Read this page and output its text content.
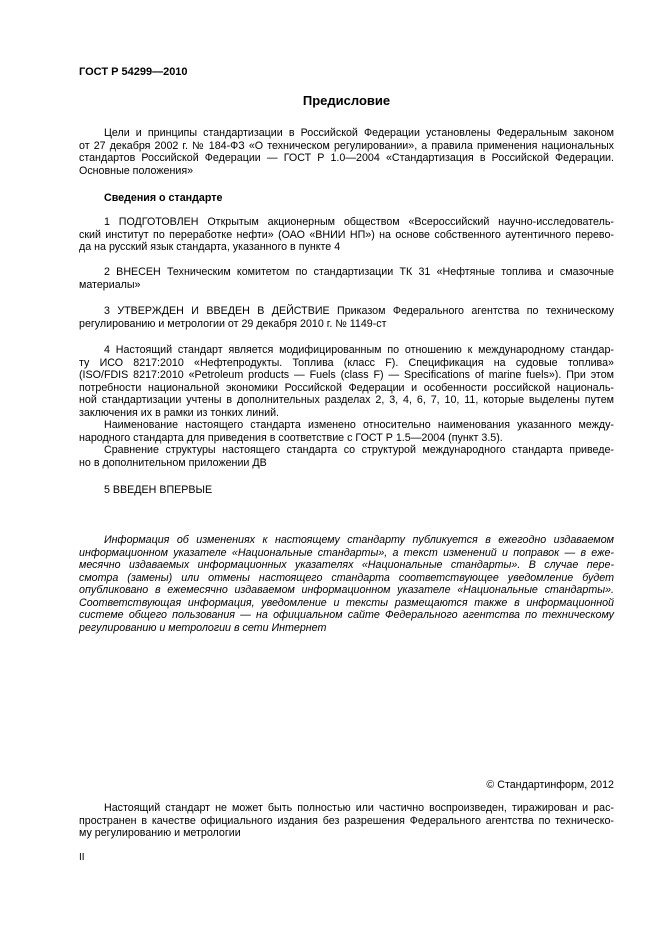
ГОСТ Р 54299—2010
Предисловие
Цели и принципы стандартизации в Российской Федерации установлены Федеральным законом
от 27 декабря 2002 г. № 184-ФЗ «О техническом регулировании», а правила применения национальных
стандартов Российской Федерации — ГОСТ Р 1.0—2004 «Стандартизация в Российской Федерации.
Основные положения»
Сведения о стандарте
1 ПОДГОТОВЛЕН Открытым акционерным обществом «Всероссийский научно-исследователь-
ский институт по переработке нефти» (ОАО «ВНИИ НП») на основе собственного аутентичного перево-
да на русский язык стандарта, указанного в пункте 4
2 ВНЕСЕН Техническим комитетом по стандартизации ТК 31 «Нефтяные топлива и смазочные
материалы»
3 УТВЕРЖДЕН И ВВЕДЕН В ДЕЙСТВИЕ Приказом Федерального агентства по техническому
регулированию и метрологии от 29 декабря 2010 г. № 1149-ст
4 Настоящий стандарт является модифицированным по отношению к международному стандар-
ту ИСО 8217:2010 «Нефтепродукты. Топлива (класс F). Спецификация на судовые топлива»
(ISO/FDIS 8217:2010 «Petroleum products — Fuels (class F) — Specifications of marine fuels»). При этом
потребности национальной экономики Российской Федерации и особенности российской националь-
ной стандартизации учтены в дополнительных разделах 2, 3, 4, 6, 7, 10, 11, которые выделены путем
заключения их в рамки из тонких линий.
Наименование настоящего стандарта изменено относительно наименования указанного между-
народного стандарта для приведения в соответствие с ГОСТ Р 1.5—2004 (пункт 3.5).
Сравнение структуры настоящего стандарта со структурой международного стандарта приведе-
но в дополнительном приложении ДВ
5 ВВЕДЕН ВПЕРВЫЕ
Информация об изменениях к настоящему стандарту публикуется в ежегодно издаваемом
информационном указателе «Национальные стандарты», а текст изменений и поправок — в еже-
месячно издаваемых информационных указателях «Национальные стандарты». В случае пере-
смотра (замены) или отмены настоящего стандарта соответствующее уведомление будет
опубликовано в ежемесячно издаваемом информационном указателе «Национальные стандарты».
Соответствующая информация, уведомление и тексты размещаются также в информационной
системе общего пользования — на официальном сайте Федерального агентства по техническому
регулированию и метрологии в сети Интернет
© Стандартинформ, 2012
Настоящий стандарт не может быть полностью или частично воспроизведен, тиражирован и рас-
пространен в качестве официального издания без разрешения Федерального агентства по техническо-
му регулированию и метрологии
II
